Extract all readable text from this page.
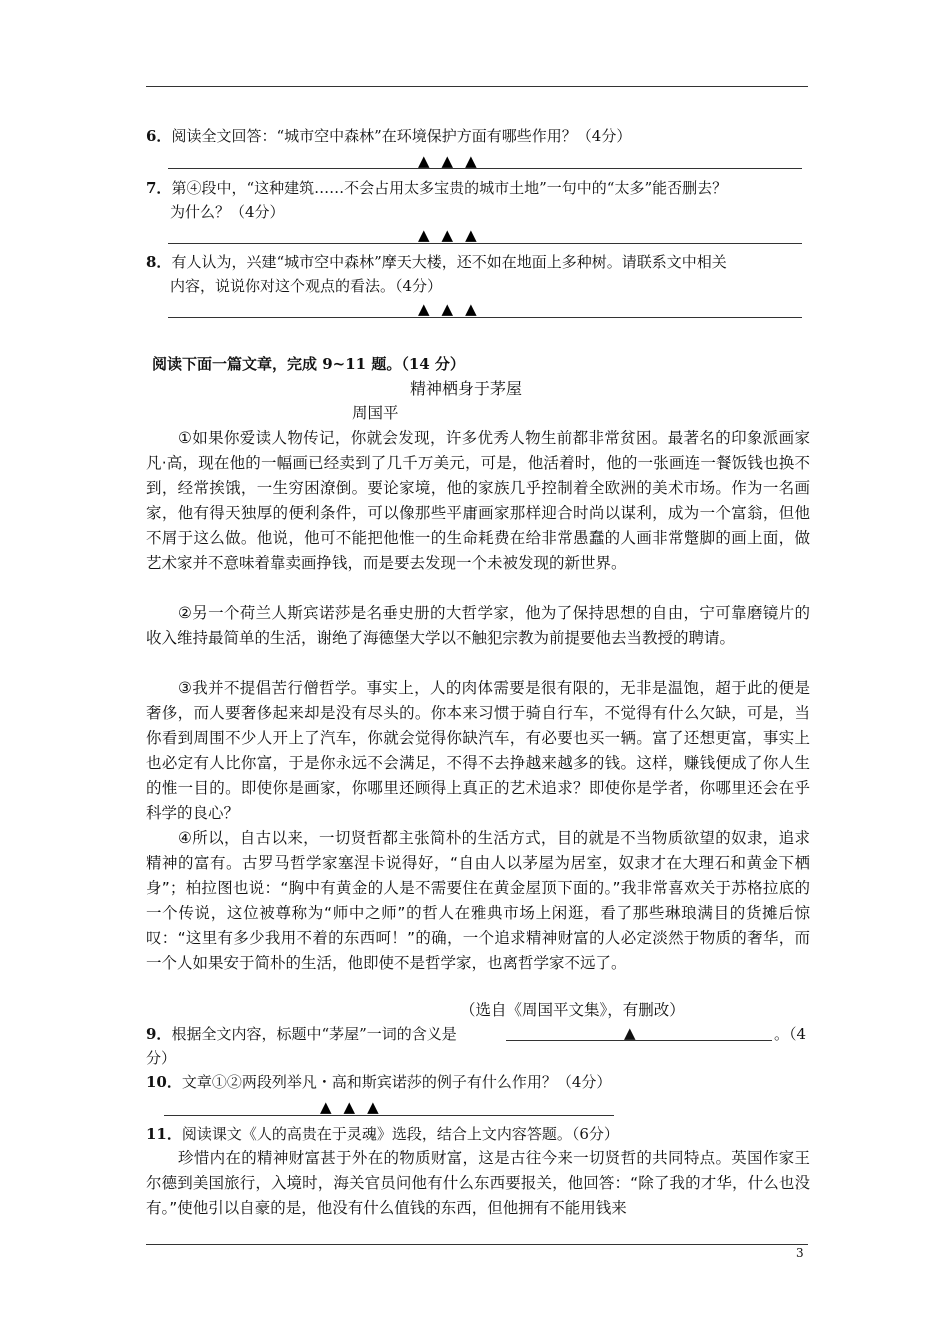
6．阅读全文回答：“城市空中森林”在环境保护方面有哪些作用？（4分）
▲▲▲
7．第④段中，“这种建筑……不会占用太多宝贵的城市土地”一句中的“太多”能否删去？
为什么？（4分）
▲▲▲
8．有人认为，兴建“城市空中森林”摩天大楼，还不如在地面上多种树。请联系文中相关
内容，说说你对这个观点的看法。（4分）
▲▲▲
阅读下面一篇文章，完成 9~11 题。（14 分）
精神栖身于茅屋
周国平
①如果你爱读人物传记，你就会发现，许多优秀人物生前都非常贫困。最著名的印象派画家凡·高，现在他的一幅画已经卖到了几千万美元，可是，他活着时，他的一张画连一餐饭钱也换不到，经常挨饿，一生穷困潦倒。要论家境，他的家族几乎控制着全欧洲的美术市场。作为一名画家，他有得天独厚的便利条件，可以像那些平庸画家那样迎合时尚以谋利，成为一个富翁，但他不屑于这么做。他说，他可不能把他惟一的生命耗费在给非常愚蠢的人画非常蹩脚的画上面，做艺术家并不意味着靠卖画挣钱，而是要去发现一个未被发现的新世界。
②另一个荷兰人斯宾诺莎是名垂史册的大哲学家，他为了保持思想的自由，宁可靠磨镜片的收入维持最简单的生活，谢绝了海德堡大学以不触犯宗教为前提要他去当教授的聘请。
③我并不提倡苦行僧哲学。事实上，人的肉体需要是很有限的，无非是温饱，超于此的便是奢侈，而人要奢侈起来却是没有尽头的。你本来习惯于骑自行车，不觉得有什么欠缺，可是，当你看到周围不少人开上了汽车，你就会觉得你缺汽车，有必要也买一辆。富了还想更富，事实上也必定有人比你富，于是你永远不会满足，不得不去挣越来越多的钱。这样，赚钱便成了你人生的惟一目的。即使你是画家，你哪里还顾得上真正的艺术追求？即使你是学者，你哪里还会在乎科学的良心？
④所以，自古以来，一切贤哲都主张简朴的生活方式，目的就是不当物质欲望的奴隶，追求精神的富有。古罗马哲学家塞涅卡说得好，“自由人以茅屋为居室，奴隶才在大理石和黄金下栖身”；柏拉图也说：“胸中有黄金的人是不需要住在黄金屋顶下面的。”我非常喜欢关于苏格拉底的一个传说，这位被尊称为“师中之师”的哲人在雅典市场上闲逛，看了那些琳琅满目的货摊后惊叹：“这里有多少我用不着的东西呵！”的确，一个追求精神财富的人必定淡然于物质的奢华，而一个人如果安于简朴的生活，他即使不是哲学家，也离哲学家不远了。
（选自《周国平文集》，有删改）
9．根据全文内容，标题中“茅屋”一词的含义是	▲	。（4
分）
10．文章①②两段列举凡・高和斯宾诺莎的例子有什么作用？（4分）
▲▲▲
11．阅读课文《人的高贵在于灵魂》选段，结合上文内容答题。（6分）
珍惜内在的精神财富甚于外在的物质财富，这是古往今来一切贤哲的共同特点。英国作家王尔德到美国旅行，入境时，海关官员问他有什么东西要报关，他回答：“除了我的才华，什么也没有。”使他引以自豪的是，他没有什么值钱的东西，但他拥有不能用钱来
3
